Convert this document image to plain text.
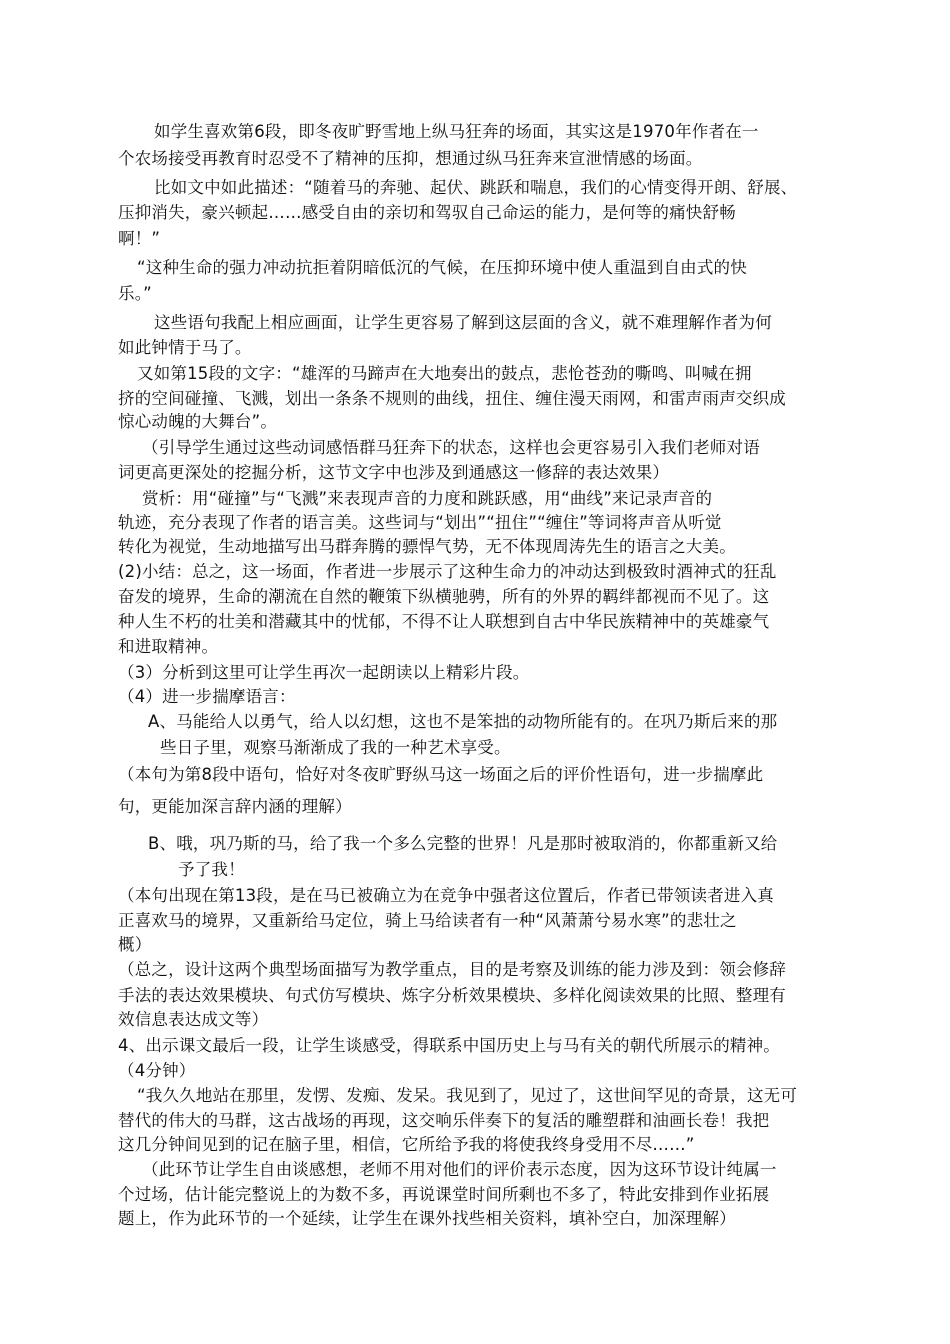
如学生喜欢第6段，即冬夜旷野雪地上纵马狂奔的场面，其实这是1970年作者在一
个农场接受再教育时忍受不了精神的压抑，想通过纵马狂奔来宣泄情感的场面。
比如文中如此描述：“随着马的奔驰、起伏、跳跃和喘息，我们的心情变得开朗、舒展、
压抑消失，豪兴顿起……感受自由的亲切和驾驭自己命运的能力，是何等的痛快舒畅
啊！”
“这种生命的强力冲动抗拒着阴暗低沉的气候，在压抑环境中使人重温到自由式的快
乐。”
这些语句我配上相应画面，让学生更容易了解到这层面的含义，就不难理解作者为何
如此钟情于马了。
又如第15段的文字：“雄浑的马蹄声在大地奏出的鼓点，悲怆苍劲的嘶鸣、叫喊在拥
挤的空间碰撞、飞溅，划出一条条不规则的曲线，扭住、缠住漫天雨网，和雷声雨声交织成
惊心动魄的大舞台”。
（引导学生通过这些动词感悟群马狂奔下的状态，这样也会更容易引入我们老师对语
词更高更深处的挖掘分析，这节文字中也涉及到通感这一修辞的表达效果）
赏析：用“碰撞”与“飞溅”来表现声音的力度和跳跃感，用“曲线”来记录声音的
轨迹，充分表现了作者的语言美。这些词与“划出”“扭住”“缠住”等词将声音从听觉
转化为视觉，生动地描写出马群奔腾的骠悍气势，无不体现周涛先生的语言之大美。
(2)小结：总之，这一场面，作者进一步展示了这种生命力的冲动达到极致时酒神式的狂乱
奋发的境界，生命的潮流在自然的鞭策下纵横驰骋，所有的外界的羁绊都视而不见了。这
种人生不朽的壮美和潜藏其中的忧郁，不得不让人联想到自古中华民族精神中的英雄豪气
和进取精神。
（3）分析到这里可让学生再次一起朗读以上精彩片段。
（4）进一步揣摩语言：
A、马能给人以勇气，给人以幻想，这也不是笨拙的动物所能有的。在巩乃斯后来的那
些日子里，观察马渐渐成了我的一种艺术享受。
（本句为第8段中语句，恰好对冬夜旷野纵马这一场面之后的评价性语句，进一步揣摩此
句，更能加深言辞内涵的理解）
B、哦，巩乃斯的马，给了我一个多么完整的世界！凡是那时被取消的，你都重新又给
予了我！
（本句出现在第13段，是在马已被确立为在竞争中强者这位置后，作者已带领读者进入真
正喜欢马的境界，又重新给马定位，骑上马给读者有一种“风萧萧兮易水寒”的悲壮之
概）
（总之，设计这两个典型场面描写为教学重点，目的是考察及训练的能力涉及到：领会修辞
手法的表达效果模块、句式仿写模块、炼字分析效果模块、多样化阅读效果的比照、整理有
效信息表达成文等）
4、出示课文最后一段，让学生谈感受，得联系中国历史上与马有关的朝代所展示的精神。
（4分钟）
“我久久地站在那里，发愣、发痴、发呆。我见到了，见过了，这世间罕见的奇景，这无可
替代的伟大的马群，这古战场的再现，这交响乐伴奏下的复活的雕塑群和油画长卷！我把
这几分钟间见到的记在脑子里，相信，它所给予我的将使我终身受用不尽……”
（此环节让学生自由谈感想，老师不用对他们的评价表示态度，因为这环节设计纯属一
个过场，估计能完整说上的为数不多，再说课堂时间所剩也不多了，特此安排到作业拓展
题上，作为此环节的一个延续，让学生在课外找些相关资料，填补空白，加深理解）
